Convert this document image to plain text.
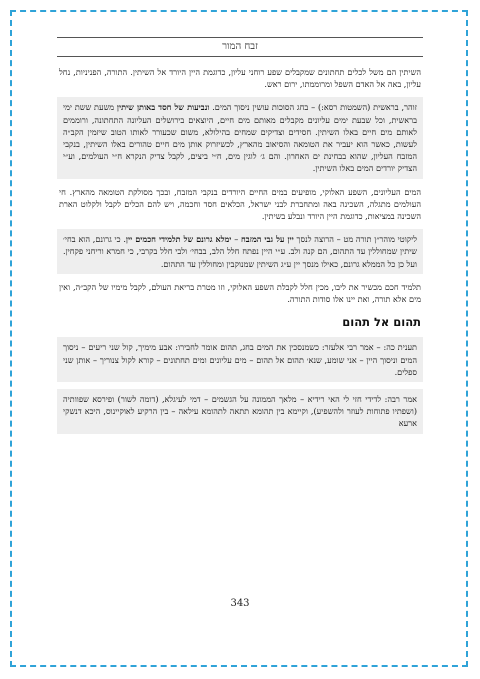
זבח המור

השיתין הם משל לכלים תחתונים שמקבלים שפע רוחני עליון, כדוגמת היין היורד אל השיתין. התורה, הפניניות, נחל עליון, באה אל האדם השפל ומרוממתו, ירום ראש.

זוהר, בראשית (השמטות רסא:) – בחג הסוכות עושין ניסוך המים. ונביעות של חסד באותן שיתין משעת ששת ימי בראשית, וכל שבעת ימים עליונים מקבלים מאותם מים חיים, היוצאים בירושלים העליונה התחתונה, ורוממים לאותם מים חיים באלו השיתין. חסידים וצדיקים שמחים בהילולא, משום שכעורר לאותו הטוב שיזמין הקב״ה לעשות, כאשר הוא יעביר את הטומאה והסיאוב מהארץ, לכשיזרוק אותן מים חיים טהורים באלו השיתין, בנקבי המזבח העליון, שהוא בבחינת ים האחרון. והם ג׳ לוגין מים, ח״י ביצים, לקבל צדיק הנקרא ח״י העולמים, וע״י הצדיק יורדים המים באלו השיתין.

המים העליונים, השפע האלוקי, מופיעים במים החיים היורדים בנקבי המזבח, ובכך מסולקת הטומאה מהארץ. חי העולמים מתגלה, השכינה באה ומתחברת לבני ישראל, הכלאים חסד וחכמה, ויש להם הכלים לקבל ולקלוט הארת השכינה במציאות, כדוגמת היין היורד ונבלע בשיתין.

ליקוטי מוהר״ן תורה מט – הרוצה לנסך יין על גבי המזבח – ימלא גרונם של תלמידי חכמים יין. כי גרונם, הוא בחי׳ שיתין שמחוללין עד התהום, הם קנה ולב. ע״י היין נפתח חלל הלב, בבחי׳ ולבי חלל בקרבי, כי חמרא וריחני פקחין. ועל כן כל הממלא גרונם, כאילו מנסך יין ע״ג השיתין שמנוקבין ומחוללין עד התהום.

תלמיד חכם מכשיר את ליבו, מכין חלל לקבלת השפע האלוקי, וזו מטרת בריאת העולם, לקבל מימיו של הקב״ה, ואין מים אלא תורה, ואת יינו אלו סודות התורה.

תהום אל תהום

תענית כה: – אמר רבי אלעזר: כשמנסכין את המים בחג, תהום אומר לחבירו: אבע מימיך, קול שני ריעים – ניסוך המים וניסוך היין – אני שומע, שנא׳ תהום אל תהום – מים עליונים ומים תחתונים – קורא לקול צנוריך – אותן שני ספלים.

אמר רבה: לדידי חזי לי האי רידיא – מלאך הממונה על הגשמים – דמי לעיגלא, (דומה לשור) ופירסא שפוותיה (ושפתיו פתוחות לעוזר ולהשפיע), וקיימא בין תהומא תתאה לתהומא עילאה – בין הרקיע לאוקיינוס, היכא דנשקי ארעא

343
